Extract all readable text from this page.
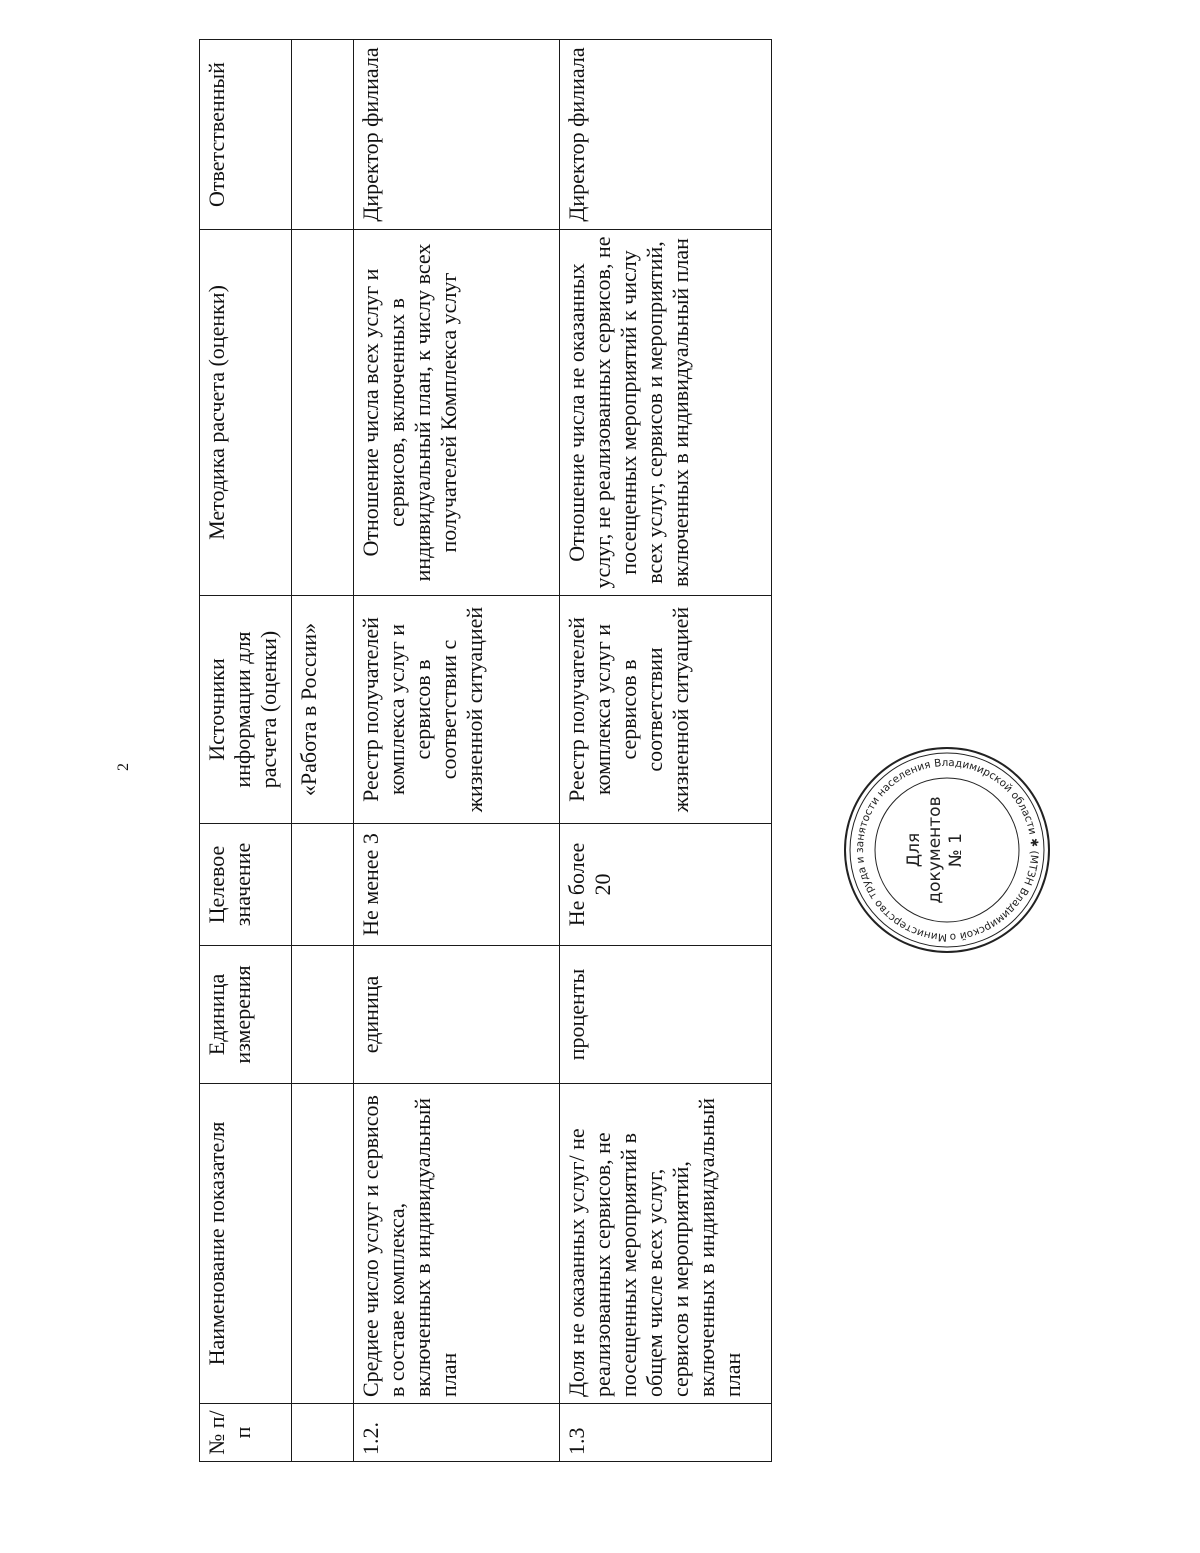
2
№ п/п	Наименование показателя	Единица измерения	Целевое значение	Источники информации для расчета (оценки)	Методика расчета (оценки)	Ответственный
				«Работа в России»		
1.2.	Средиее число услуг и сервисов в составе комплекса, включенных в индивидуальный план	единица	Не менее 3	Реестр получателей комплекса услуг и сервисов в соответствии с жизненной ситуацией	Отношение числа всех услуг и сервисов, включенных в индивидуальный план, к числу всех получателей Комплекса услуг	Директор филиала
1.3	Доля не оказанных услуг/ не реализованных сервисов, не посещенных мероприятий в общем числе всех услуг, сервисов и мероприятий, включенных в индивидуальный план	проценты	Не более 20	Реестр получателей комплекса услуг и сервисов в соответствии жизненной ситуацией	Отношение числа не оказанных услуг, не реализованных сервисов, не посещенных мероприятий к числу всех услуг, сервисов и мероприятий, включенных в индивидуальный план	Директор филиала
Министерство труда и занятости населения Владимирской области ✱ (МТЗН Владимирской о
Для документов № 1
